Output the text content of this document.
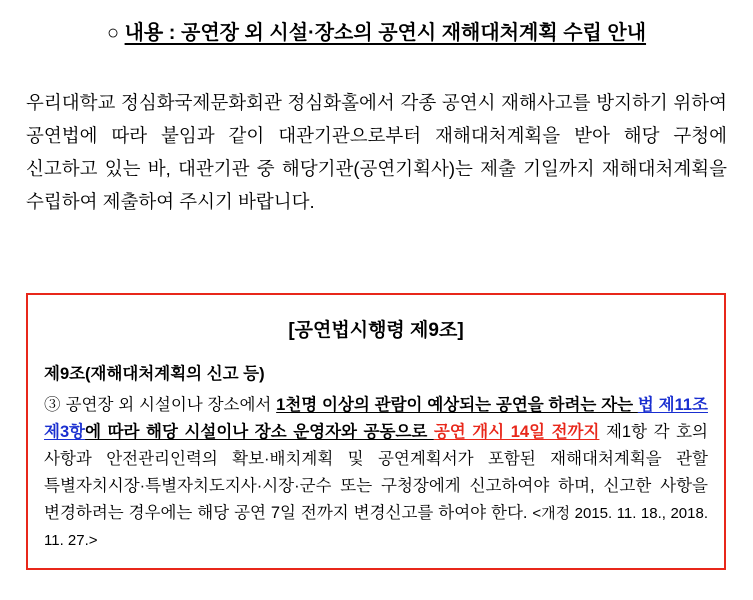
○ 내용 : 공연장 외 시설·장소의 공연시 재해대처계획 수립 안내

우리대학교 정심화국제문화회관 정심화홀에서 각종 공연시 재해사고를 방지하기 위하여 공연법에 따라 붙임과 같이 대관기관으로부터 재해대처계획을 받아 해당 구청에 신고하고 있는 바, 대관기관 중 해당기관(공연기획사)는 제출 기일까지 재해대처계획을 수립하여 제출하여 주시기 바랍니다.

[공연법시행령 제9조]
제9조(재해대처계획의 신고 등)
③ 공연장 외 시설이나 장소에서 1천명 이상의 관람이 예상되는 공연을 하려는 자는 법 제11조 제3항에 따라 해당 시설이나 장소 운영자와 공동으로 공연 개시 14일 전까지 제1항 각 호의 사항과 안전관리인력의 확보·배치계획 및 공연계획서가 포함된 재해대처계획을 관할 특별자치시장·특별자치도지사·시장·군수 또는 구청장에게 신고하여야 하며, 신고한 사항을 변경하려는 경우에는 해당 공연 7일 전까지 변경신고를 하여야 한다. <개정 2015. 11. 18., 2018. 11. 27.>
